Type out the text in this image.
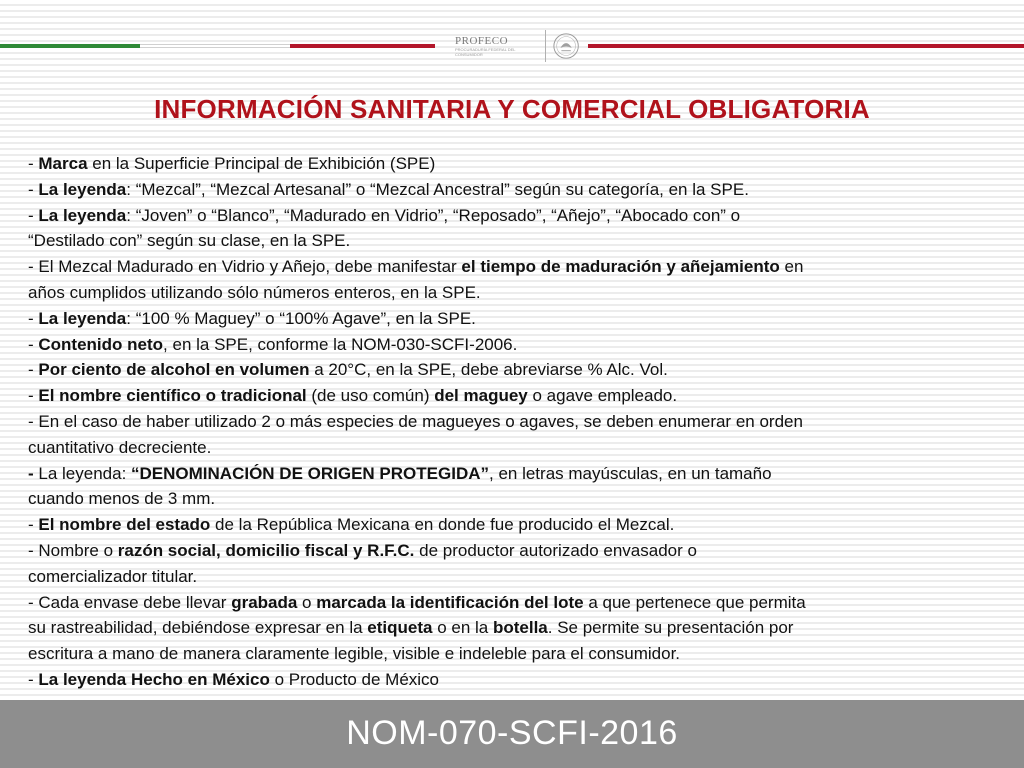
PROFECO
PROCURADURÍA FEDERAL DEL CONSUMIDOR
INFORMACIÓN SANITARIA Y COMERCIAL OBLIGATORIA
- Marca en la Superficie Principal de Exhibición (SPE)
- La leyenda: “Mezcal”, “Mezcal Artesanal” o “Mezcal Ancestral” según su categoría, en la SPE.
- La leyenda: “Joven” o “Blanco”, “Madurado en Vidrio”, “Reposado”, “Añejo”, “Abocado con” o
“Destilado con” según su clase, en la SPE.
- El Mezcal Madurado en Vidrio y Añejo, debe manifestar el tiempo de maduración y añejamiento en
años cumplidos utilizando sólo números enteros, en la SPE.
- La leyenda: “100 % Maguey” o “100% Agave”, en la SPE.
- Contenido neto, en la SPE, conforme la NOM-030-SCFI-2006.
- Por ciento de alcohol en volumen a 20°C, en la SPE, debe abreviarse % Alc. Vol.
- El nombre científico o tradicional (de uso común) del maguey o agave empleado.
- En el caso de haber utilizado 2 o más especies de magueyes o agaves, se deben enumerar en orden
cuantitativo decreciente.
- La leyenda: “DENOMINACIÓN DE ORIGEN PROTEGIDA”, en letras mayúsculas, en un tamaño
cuando menos de 3 mm.
- El nombre del estado de la República Mexicana en donde fue producido el Mezcal.
- Nombre o razón social, domicilio fiscal y R.F.C. de productor autorizado envasador o
comercializador titular.
- Cada envase debe llevar grabada o marcada la identificación del lote a que pertenece que permita
su rastreabilidad, debiéndose expresar en la etiqueta o en la botella. Se permite su presentación por
escritura a mano de manera claramente legible, visible e indeleble para el consumidor.
- La leyenda Hecho en México o Producto de México
NOM-070-SCFI-2016
